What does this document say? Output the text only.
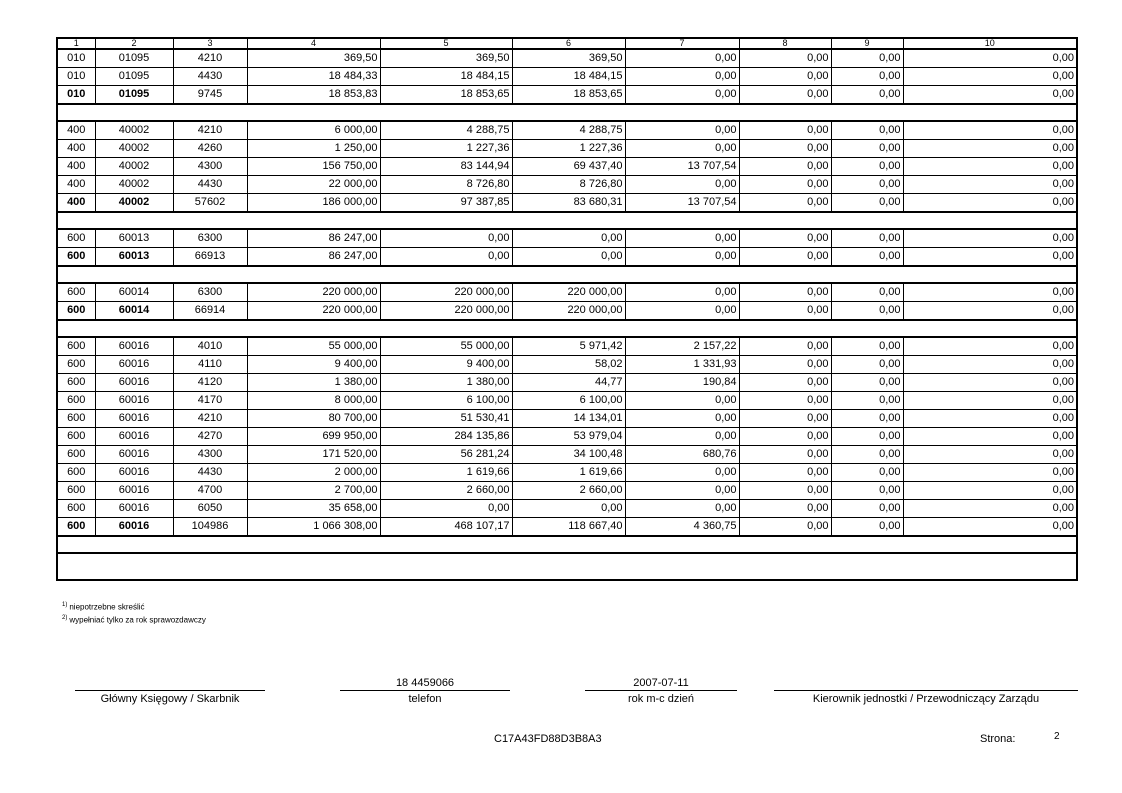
1	2	3	4	5	6	7	8	9	10
010	01095	4210	369,50	369,50	369,50	0,00	0,00	0,00	0,00
010	01095	4430	18 484,33	18 484,15	18 484,15	0,00	0,00	0,00	0,00
010	01095	9745	18 853,83	18 853,65	18 853,65	0,00	0,00	0,00	0,00

400	40002	4210	6 000,00	4 288,75	4 288,75	0,00	0,00	0,00	0,00
400	40002	4260	1 250,00	1 227,36	1 227,36	0,00	0,00	0,00	0,00
400	40002	4300	156 750,00	83 144,94	69 437,40	13 707,54	0,00	0,00	0,00
400	40002	4430	22 000,00	8 726,80	8 726,80	0,00	0,00	0,00	0,00
400	40002	57602	186 000,00	97 387,85	83 680,31	13 707,54	0,00	0,00	0,00

600	60013	6300	86 247,00	0,00	0,00	0,00	0,00	0,00	0,00
600	60013	66913	86 247,00	0,00	0,00	0,00	0,00	0,00	0,00

600	60014	6300	220 000,00	220 000,00	220 000,00	0,00	0,00	0,00	0,00
600	60014	66914	220 000,00	220 000,00	220 000,00	0,00	0,00	0,00	0,00

600	60016	4010	55 000,00	55 000,00	5 971,42	2 157,22	0,00	0,00	0,00
600	60016	4110	9 400,00	9 400,00	58,02	1 331,93	0,00	0,00	0,00
600	60016	4120	1 380,00	1 380,00	44,77	190,84	0,00	0,00	0,00
600	60016	4170	8 000,00	6 100,00	6 100,00	0,00	0,00	0,00	0,00
600	60016	4210	80 700,00	51 530,41	14 134,01	0,00	0,00	0,00	0,00
600	60016	4270	699 950,00	284 135,86	53 979,04	0,00	0,00	0,00	0,00
600	60016	4300	171 520,00	56 281,24	34 100,48	680,76	0,00	0,00	0,00
600	60016	4430	2 000,00	1 619,66	1 619,66	0,00	0,00	0,00	0,00
600	60016	4700	2 700,00	2 660,00	2 660,00	0,00	0,00	0,00	0,00
600	60016	6050	35 658,00	0,00	0,00	0,00	0,00	0,00	0,00
600	60016	104986	1 066 308,00	468 107,17	118 667,40	4 360,75	0,00	0,00	0,00

$^{1)}$ niepotrzebne skreślić
$^{2)}$ wypełniać tylko za rok sprawozdawczy
Główny Księgowy / Skarbnik
18 4459066
telefon
2007-07-11
rok m-c dzień	Kierownik jednostki / Przewodniczący Zarządu
C17A43FD88D3B8A3	Strona:	2
